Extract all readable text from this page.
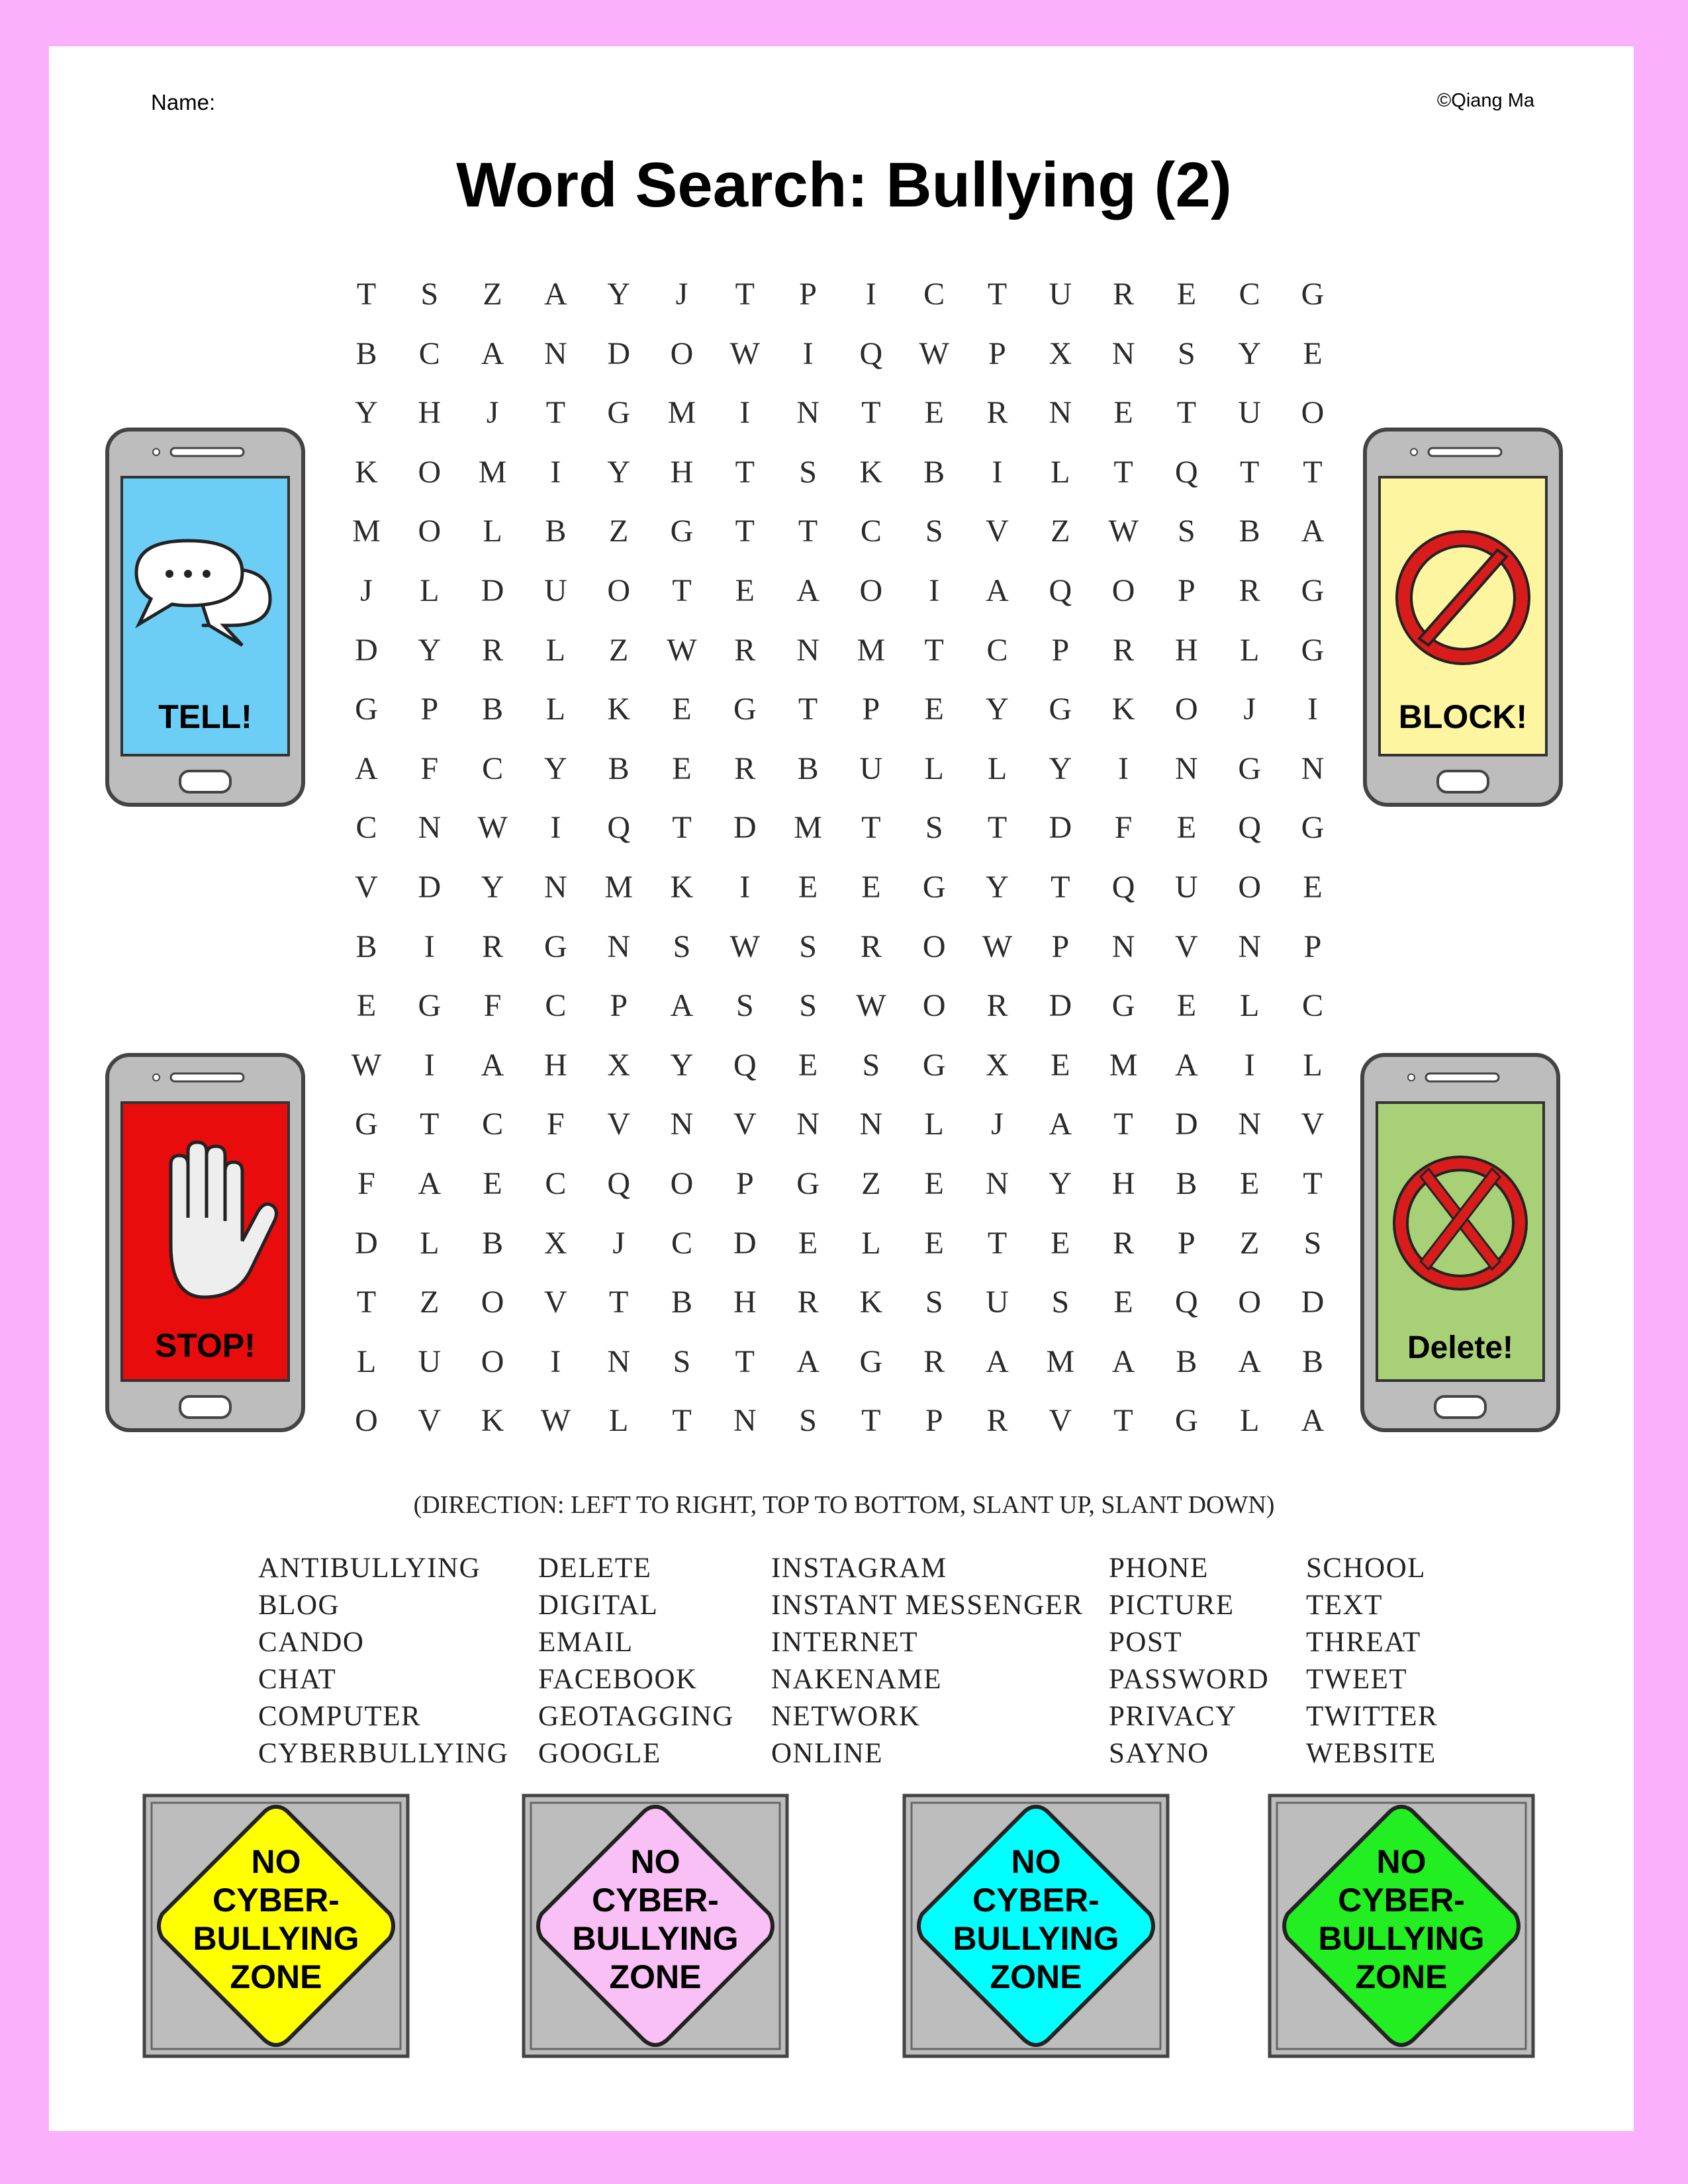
Name:	©Qiang Ma
Word Search: Bullying (2)
T	S	Z	A	Y	J	T	P	I	C	T	U	R	E	C	G
B	C	A	N	D	O	W	I	Q	W	P	X	N	S	Y	E
Y	H	J	T	G	M	I	N	T	E	R	N	E	T	U	O
K	O	M	I	Y	H	T	S	K	B	I	L	T	Q	T	T
M	O	L	B	Z	G	T	T	C	S	V	Z	W	S	B	A
J	L	D	U	O	T	E	A	O	I	A	Q	O	P	R	G
D	Y	R	L	Z	W	R	N	M	T	C	P	R	H	L	G
G	P	B	L	K	E	G	T	P	E	Y	G	K	O	J	I
A	F	C	Y	B	E	R	B	U	L	L	Y	I	N	G	N
C	N	W	I	Q	T	D	M	T	S	T	D	F	E	Q	G
V	D	Y	N	M	K	I	E	E	G	Y	T	Q	U	O	E
B	I	R	G	N	S	W	S	R	O	W	P	N	V	N	P
E	G	F	C	P	A	S	S	W	O	R	D	G	E	L	C
W	I	A	H	X	Y	Q	E	S	G	X	E	M	A	I	L
G	T	C	F	V	N	V	N	N	L	J	A	T	D	N	V
F	A	E	C	Q	O	P	G	Z	E	N	Y	H	B	E	T
D	L	B	X	J	C	D	E	L	E	T	E	R	P	Z	S
T	Z	O	V	T	B	H	R	K	S	U	S	E	Q	O	D
L	U	O	I	N	S	T	A	G	R	A	M	A	B	A	B
O	V	K	W	L	T	N	S	T	P	R	V	T	G	L	A
TELL!	BLOCK!
STOP!	Delete!
(DIRECTION: LEFT TO RIGHT, TOP TO BOTTOM, SLANT UP, SLANT DOWN)
ANTIBULLYING
BLOG
CANDO
CHAT
COMPUTER
CYBERBULLYING
DELETE
DIGITAL
EMAIL
FACEBOOK
GEOTAGGING
GOOGLE
INSTAGRAM
INSTANT MESSENGER
INTERNET
NAKENAME
NETWORK
ONLINE
PHONE
PICTURE
POST
PASSWORD
PRIVACY
SAYNO
SCHOOL
TEXT
THREAT
TWEET
TWITTER
WEBSITE
NO
CYBER-
BULLYING
ZONE
NO
CYBER-
BULLYING
ZONE
NO
CYBER-
BULLYING
ZONE
NO
CYBER-
BULLYING
ZONE
